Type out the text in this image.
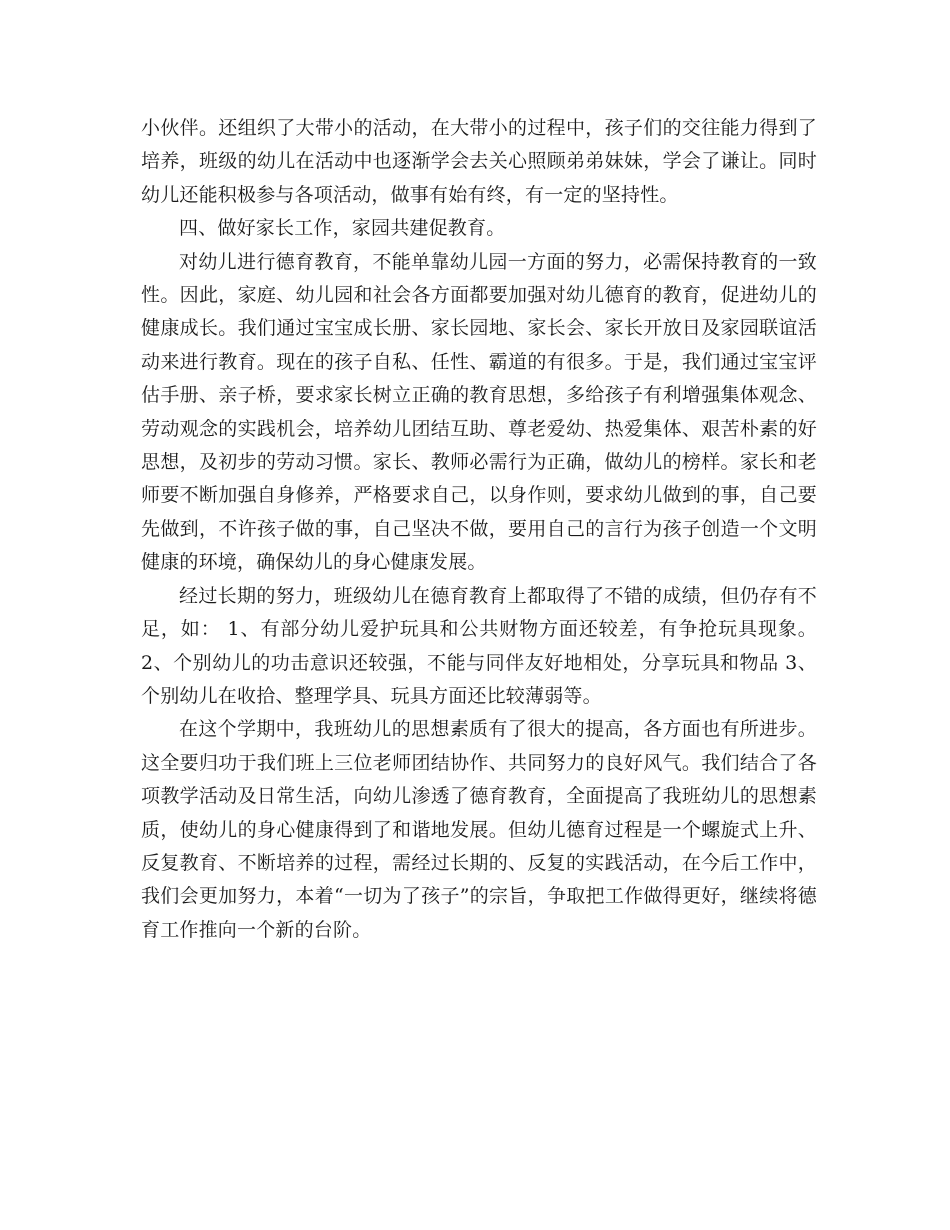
小伙伴。还组织了大带小的活动，在大带小的过程中，孩子们的交往能力得到了培养，班级的幼儿在活动中也逐渐学会去关心照顾弟弟妹妹，学会了谦让。同时幼儿还能积极参与各项活动，做事有始有终，有一定的坚持性。

四、做好家长工作，家园共建促教育。

对幼儿进行德育教育，不能单靠幼儿园一方面的努力，必需保持教育的一致性。因此，家庭、幼儿园和社会各方面都要加强对幼儿德育的教育，促进幼儿的健康成长。我们通过宝宝成长册、家长园地、家长会、家长开放日及家园联谊活动来进行教育。现在的孩子自私、任性、霸道的有很多。于是，我们通过宝宝评估手册、亲子桥，要求家长树立正确的教育思想，多给孩子有利增强集体观念、劳动观念的实践机会，培养幼儿团结互助、尊老爱幼、热爱集体、艰苦朴素的好思想，及初步的劳动习惯。家长、教师必需行为正确，做幼儿的榜样。家长和老师要不断加强自身修养，严格要求自己，以身作则，要求幼儿做到的事，自己要先做到，不许孩子做的事，自己坚决不做，要用自己的言行为孩子创造一个文明健康的环境，确保幼儿的身心健康发展。

经过长期的努力，班级幼儿在德育教育上都取得了不错的成绩，但仍存有不足，如： 1、有部分幼儿爱护玩具和公共财物方面还较差，有争抢玩具现象。 2、个别幼儿的功击意识还较强，不能与同伴友好地相处，分享玩具和物品 3、个别幼儿在收拾、整理学具、玩具方面还比较薄弱等。

在这个学期中，我班幼儿的思想素质有了很大的提高，各方面也有所进步。这全要归功于我们班上三位老师团结协作、共同努力的良好风气。我们结合了各项教学活动及日常生活，向幼儿渗透了德育教育，全面提高了我班幼儿的思想素质，使幼儿的身心健康得到了和谐地发展。但幼儿德育过程是一个螺旋式上升、反复教育、不断培养的过程，需经过长期的、反复的实践活动，在今后工作中，我们会更加努力，本着“一切为了孩子”的宗旨，争取把工作做得更好，继续将德育工作推向一个新的台阶。
